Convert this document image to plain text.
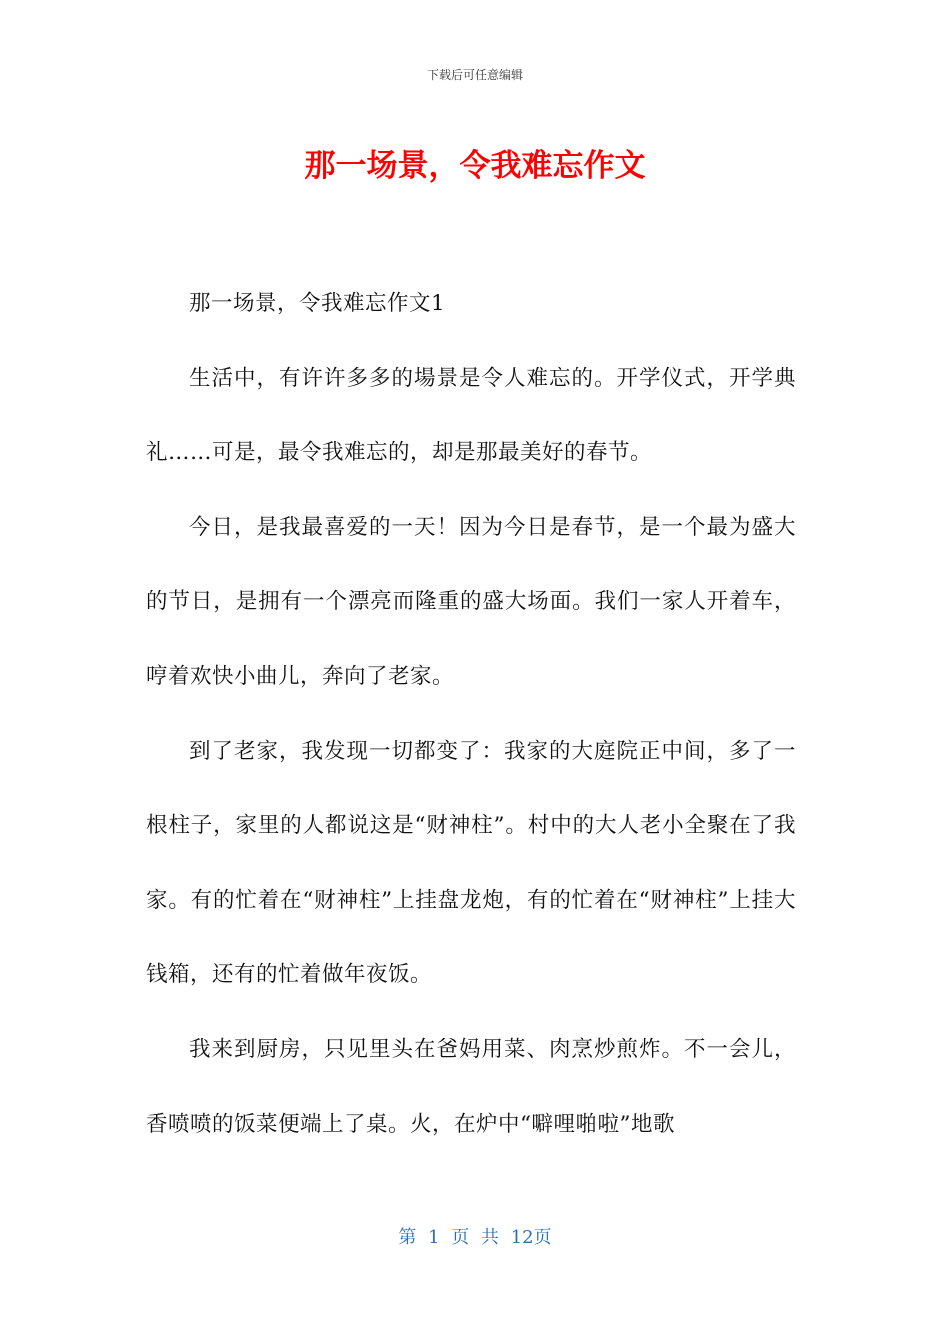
下载后可任意编辑
那一场景，令我难忘作文

那一场景，令我难忘作文1

生活中，有许许多多的場景是令人难忘的。开学仪式，开学典礼……可是，最令我难忘的，却是那最美好的春节。

今日，是我最喜爱的一天！因为今日是春节，是一个最为盛大的节日，是拥有一个漂亮而隆重的盛大场面。我们一家人开着车，哼着欢快小曲儿，奔向了老家。

到了老家，我发现一切都变了：我家的大庭院正中间，多了一根柱子，家里的人都说这是“财神柱”。村中的大人老小全聚在了我家。有的忙着在“财神柱”上挂盘龙炮，有的忙着在“财神柱”上挂大钱箱，还有的忙着做年夜饭。

我来到厨房，只见里头在爸妈用菜、肉烹炒煎炸。不一会儿，香喷喷的饭菜便端上了桌。火，在炉中“噼哩啪啦”地歌

第 1 页 共 12页
